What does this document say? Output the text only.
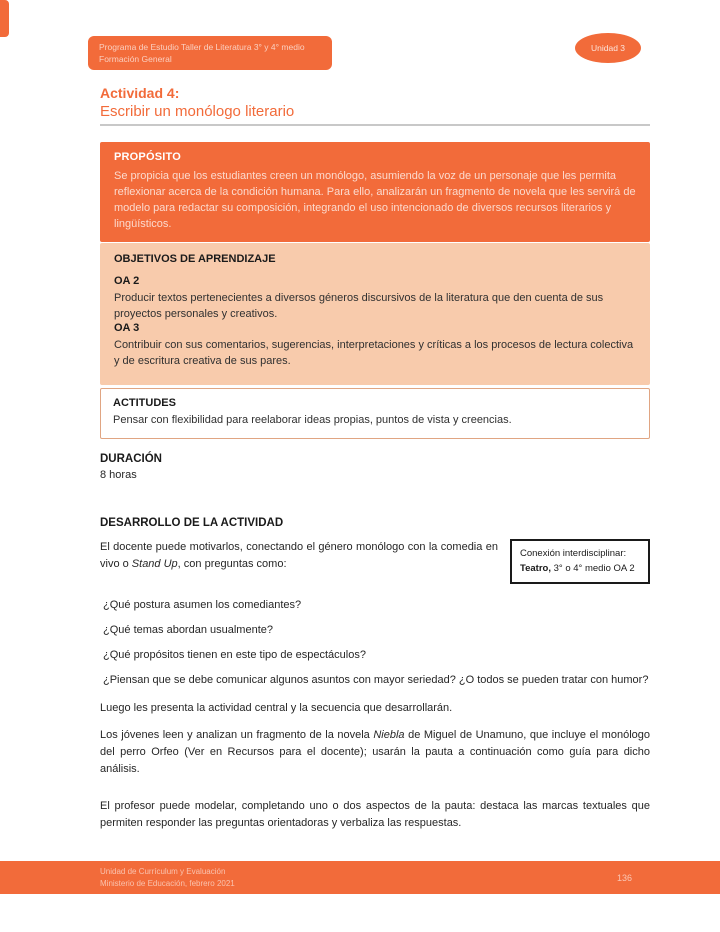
Programa de Estudio Taller de Literatura 3° y 4° medio
Formación General
Unidad 3
Actividad 4:
Escribir un monólogo literario
PROPÓSITO
Se propicia que los estudiantes creen un monólogo, asumiendo la voz de un personaje que les permita reflexionar acerca de la condición humana. Para ello, analizarán un fragmento de novela que les servirá de modelo para redactar su composición, integrando el uso intencionado de diversos recursos literarios y lingüísticos.
OBJETIVOS DE APRENDIZAJE
OA 2
Producir textos pertenecientes a diversos géneros discursivos de la literatura que den cuenta de sus proyectos personales y creativos.
OA 3
Contribuir con sus comentarios, sugerencias, interpretaciones y críticas a los procesos de lectura colectiva y de escritura creativa de sus pares.
ACTITUDES
Pensar con flexibilidad para reelaborar ideas propias, puntos de vista y creencias.
DURACIÓN
8 horas
DESARROLLO DE LA ACTIVIDAD
El docente puede motivarlos, conectando el género monólogo con la comedia en vivo o Stand Up, con preguntas como:
Conexión interdisciplinar:
Teatro, 3° o 4° medio OA 2
¿Qué postura asumen los comediantes?
¿Qué temas abordan usualmente?
¿Qué propósitos tienen en este tipo de espectáculos?
¿Piensan que se debe comunicar algunos asuntos con mayor seriedad? ¿O todos se pueden tratar con humor?
Luego les presenta la actividad central y la secuencia que desarrollarán.
Los jóvenes leen y analizan un fragmento de la novela Niebla de Miguel de Unamuno, que incluye el monólogo del perro Orfeo (Ver en Recursos para el docente); usarán la pauta a continuación como guía para dicho análisis.
El profesor puede modelar, completando uno o dos aspectos de la pauta: destaca las marcas textuales que permiten responder las preguntas orientadoras y verbaliza las respuestas.
Unidad de Currículum y Evaluación
Ministerio de Educación, febrero 2021
136
